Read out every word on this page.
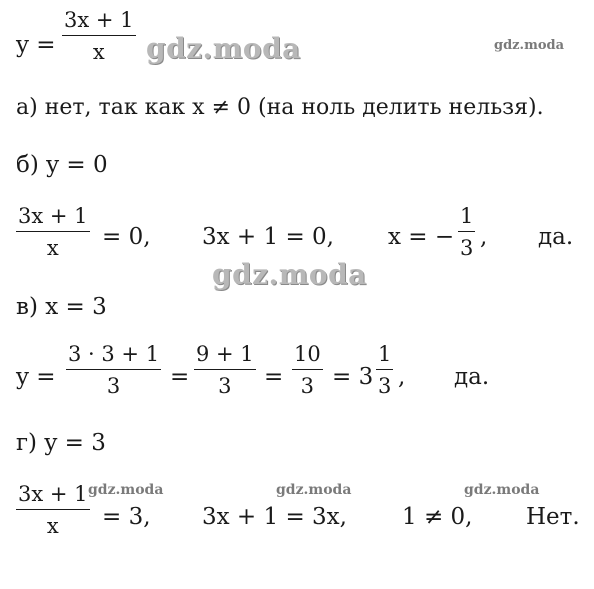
y =
3x + 1
x gdz.moda	gdz.moda
а) нет, так как x ≠ 0 (на ноль делить нельзя).
б) y = 0
3x + 1
x = 0, 3x + 1 = 0, x = −
1
3 , да.
gdz.moda
в) x = 3
y =
3 · 3 + 1
3 =
9 + 1
3 =
10
3 = 3
1
3 , да.
г) y = 3
3x + 1
x = 3, 3x + 1 = 3x, 1 ≠ 0, Нет.
gdz.moda	gdz.moda	gdz.moda
